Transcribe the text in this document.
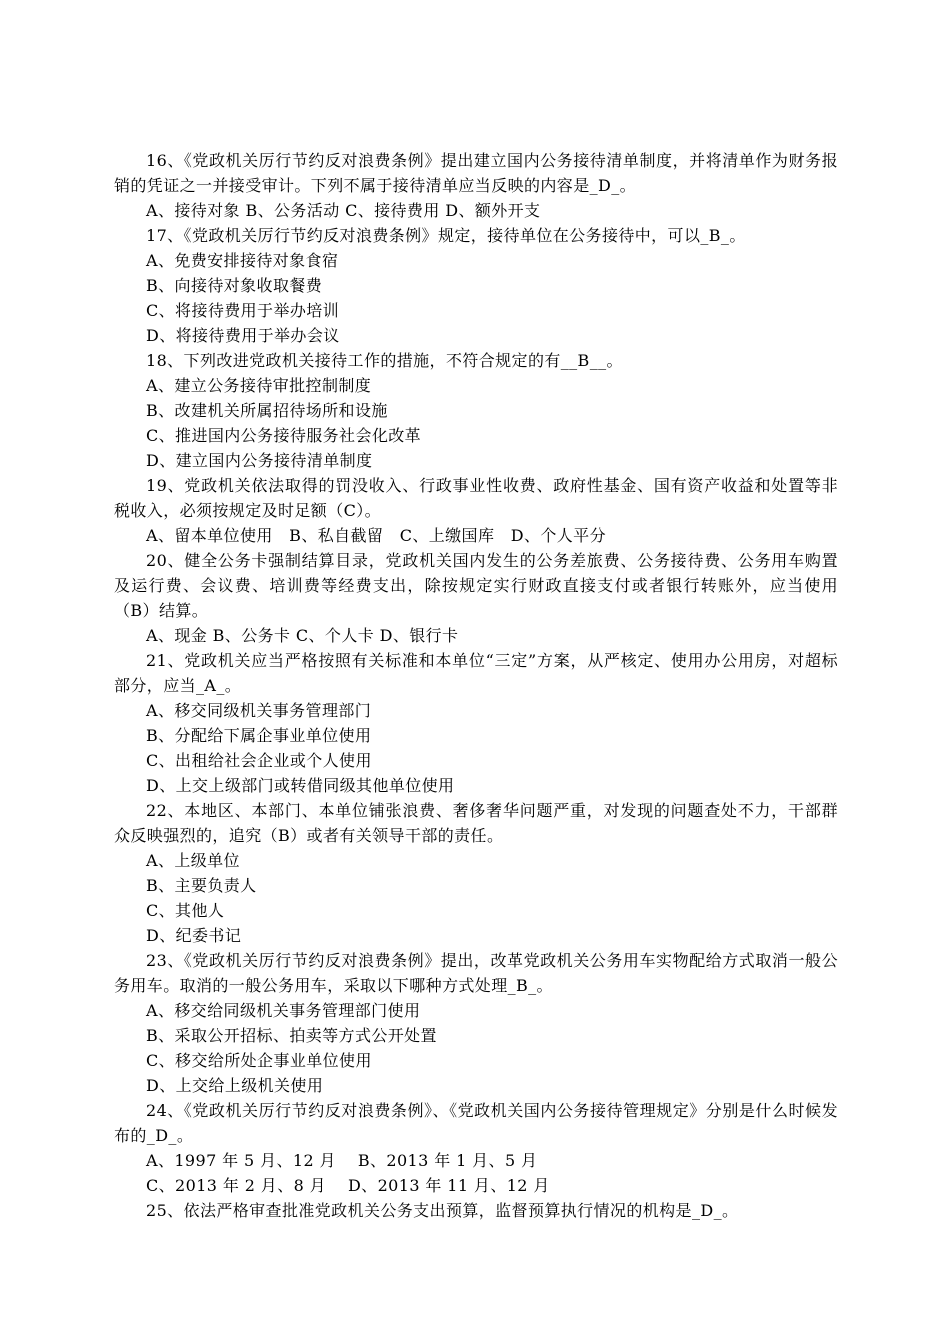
16、《党政机关厉行节约反对浪费条例》提出建立国内公务接待清单制度，并将清单作为财务报销的凭证之一并接受审计。下列不属于接待清单应当反映的内容是_D_。

A、接待对象 B、公务活动 C、接待费用 D、额外开支

17、《党政机关厉行节约反对浪费条例》规定，接待单位在公务接待中，可以_B_。

A、免费安排接待对象食宿

B、向接待对象收取餐费

C、将接待费用于举办培训

D、将接待费用于举办会议

18、下列改进党政机关接待工作的措施，不符合规定的有__B__。

A、建立公务接待审批控制制度

B、改建机关所属招待场所和设施

C、推进国内公务接待服务社会化改革

D、建立国内公务接待清单制度

19、党政机关依法取得的罚没收入、行政事业性收费、政府性基金、国有资产收益和处置等非税收入，必须按规定及时足额（C）。

A、留本单位使用　B、私自截留　C、上缴国库　D、个人平分

20、健全公务卡强制结算目录，党政机关国内发生的公务差旅费、公务接待费、公务用车购置及运行费、会议费、培训费等经费支出，除按规定实行财政直接支付或者银行转账外，应当使用（B）结算。

A、现金 B、公务卡 C、个人卡 D、银行卡

21、党政机关应当严格按照有关标准和本单位“三定”方案，从严核定、使用办公用房，对超标部分，应当_A_。

A、移交同级机关事务管理部门

B、分配给下属企事业单位使用

C、出租给社会企业或个人使用

D、上交上级部门或转借同级其他单位使用

22、本地区、本部门、本单位铺张浪费、奢侈奢华问题严重，对发现的问题查处不力，干部群众反映强烈的，追究（B）或者有关领导干部的责任。

A、上级单位

B、主要负责人

C、其他人

D、纪委书记

23、《党政机关厉行节约反对浪费条例》提出，改革党政机关公务用车实物配给方式取消一般公务用车。取消的一般公务用车，采取以下哪种方式处理_B_。

A、移交给同级机关事务管理部门使用

B、采取公开招标、拍卖等方式公开处置

C、移交给所处企事业单位使用

D、上交给上级机关使用

24、《党政机关厉行节约反对浪费条例》、《党政机关国内公务接待管理规定》分别是什么时候发布的_D_。

A、1997 年 5 月、12 月　 B、2013 年 1 月、5 月

C、2013 年 2 月、8 月　 D、2013 年 11 月、12 月

25、依法严格审查批准党政机关公务支出预算，监督预算执行情况的机构是_D_。
